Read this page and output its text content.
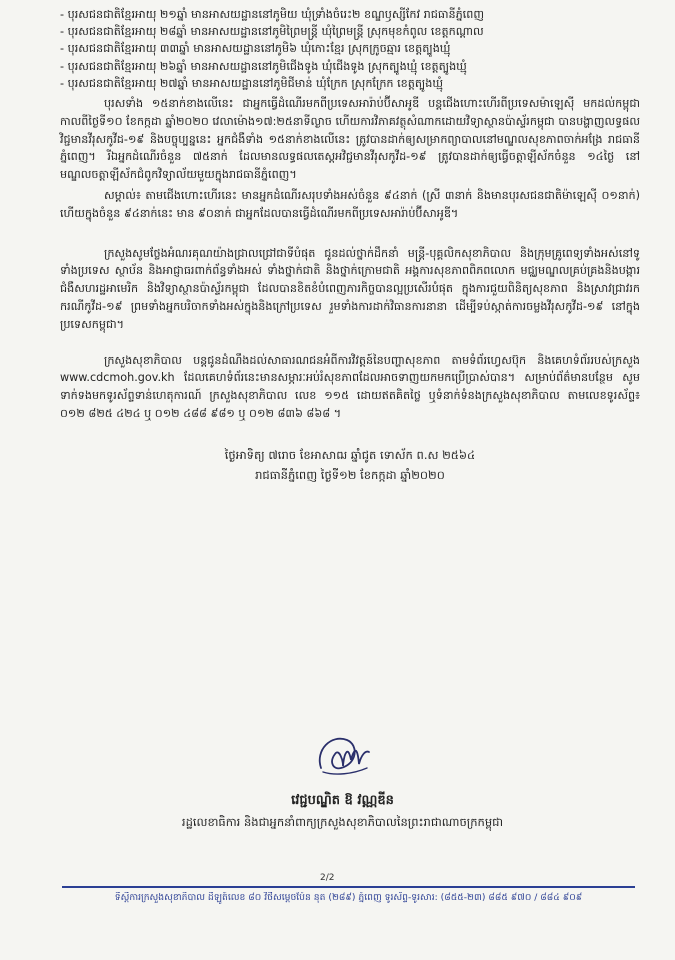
- បុរសជនជាតិខ្មែរអាយុ ២១ឆ្នាំ មានអាសយដ្ឋាននៅភូមិយ ឃុំទ្រាំងចំរេះ២ ខណ្ឌឫស្សីកែវ រាជធានីភ្នំពេញ
- បុរសជនជាតិខ្មែរអាយុ ២៨ឆ្នាំ មានអាសយដ្ឋាននៅភូមិព្រៃមន្ត្រី ឃុំព្រៃមន្ត្រី ស្រុកមុខកំពូល ខេត្តកណ្ដាល
- បុរសជនជាតិខ្មែរអាយុ ៣៣ឆ្នាំ មានអាសយដ្ឋាននៅភូមិ៦ ឃុំកោះខ្មែរ ស្រុកក្រូចឆ្មារ ខេត្តត្បូងឃ្មុំ
- បុរសជនជាតិខ្មែរអាយុ ២៦ឆ្នាំ មានអាសយដ្ឋាននៅភូមិជើងទូង ឃុំជើងទូង ស្រុកត្បូងឃ្មុំ ខេត្តត្បូងឃ្មុំ
- បុរសជនជាតិខ្មែរអាយុ ២៧ឆ្នាំ មានអាសយដ្ឋាននៅភូមិជីមាន់ ឃុំក្រែក ស្រុកក្រែក ខេត្តត្បូងឃ្មុំ

បុរសទាំង ១៥នាក់ខាងលើនេះ ជាអ្នកធ្វើដំណើរមកពីប្រទេសអារ៉ាប់ប៊ីសាអូឌី បន្តជើងហោះហើរពីប្រទេសម៉ាឡេស៊ី មកដល់កម្ពុជា កាលពីថ្ងៃទី១០ ខែកក្កដា ឆ្នាំ២០២០ វេលាម៉ោង១៧:២៥នាទីល្ងាច ហើយការវិភាគវត្ថុសំណាកដោយវិទ្យាស្ថានប៉ាស្ទ័រកម្ពុជា បានបង្ហាញលទ្ធផល វិជ្ជមានវីរុសកូវីដ-១៩ និងបច្ចុប្បន្ននេះ អ្នកជំងឺទាំង ១៥នាក់ខាងលើនេះ ត្រូវបានដាក់ឲ្យសម្រាកព្យាបាលនៅមណ្ឌលសុខភាពចាក់អង្រែ រាជធានីភ្នំពេញ។ រីឯអ្នកដំណើរចំនួន ៧៥នាក់ ដែលមានលទ្ធផលតេស្តអវិជ្ជមានវីរុសកូវីដ-១៩ ត្រូវបានដាក់ឲ្យធ្វើចត្តាឡីស័កចំនួន ១៤ថ្ងៃ នៅមណ្ឌលចត្តាឡីស័កជំពូកវិទ្យាល័យមួយក្នុងរាជធានីភ្នំពេញ។

សម្គាល់៖ តាមជើងហោះហើរនេះ មានអ្នកដំណើរសរុបទាំងអស់ចំនួន ៩៤នាក់ (ស្រី ៣នាក់ និងមានបុរសជនជាតិម៉ាឡេស៊ី ០១នាក់) ហើយក្នុងចំនួន ៩៤នាក់នេះ មាន ៩០នាក់ ជាអ្នកដែលបានធ្វើដំណើរមកពីប្រទេសអារ៉ាប់ប៊ីសាអូឌី។

ក្រសួងសូមថ្លែងអំណរគុណយ៉ាងជ្រាលជ្រៅជាទីបំផុត ជូនដល់ថ្នាក់ដឹកនាំ មន្ត្រី-បុគ្គលិកសុខាភិបាល និងក្រុមគ្រូពេទ្យទាំងអស់នៅទូទាំងប្រទេស ស្ថាប័ន និងអាជ្ញាធរពាក់ព័ន្ធទាំងអស់ ទាំងថ្នាក់ជាតិ និងថ្នាក់ក្រោមជាតិ អង្គការសុខភាពពិភពលោក មជ្ឈមណ្ឌលគ្រប់គ្រងនិងបង្ការជំងឺសហរដ្ឋអាមេរិក និងវិទ្យាស្ថានប៉ាស្ទ័រកម្ពុជា ដែលបានខិតខំបំពេញភារកិច្ចបានល្អប្រសើរបំផុត ក្នុងការជួយពិនិត្យសុខភាព និងស្រាវជ្រាវរកករណីកូវីដ-១៩ ព្រមទាំងអ្នកបរិចាកទាំងអស់ក្នុងនិងក្រៅប្រទេស រួមទាំងការដាក់វិធានការនានា ដើម្បីទប់ស្កាត់ការចម្លងវីរុសកូវីដ-១៩ នៅក្នុងប្រទេសកម្ពុជា។

ក្រសួងសុខាភិបាល បន្តជូនដំណឹងដល់សាធារណជនអំពីការវិវត្តន៍នៃបញ្ហាសុខភាព តាមទំព័រហ្វេសប៊ុក និងគេហទំព័ររបស់ក្រសួង www.cdcmoh.gov.kh ដែលគេហទំព័រនេះមានសម្ភារៈអប់រំសុខភាពដែលអាចទាញយកមកប្រើប្រាស់បាន។ សម្រាប់ព័ត៌មានបន្ថែម សូមទាក់ទងមកទូរស័ព្ទទាន់ហេតុការណ៍ ក្រសួងសុខាភិបាល លេខ ១១៥ ដោយឥតគិតថ្លៃ ឬទំនាក់ទំនងក្រសួងសុខាភិបាល តាមលេខទូរស័ព្ទ៖ ០១២ ៨២៥ ៤២៤ ឬ ០១២ ៤៨៨ ៩៨១ ឬ ០១២ ៨៣៦ ៨៦៨ ។

ថ្ងៃអាទិត្យ ៧រោច ខែអាសាឍ ឆ្នាំជូត ទោស័ក ព.ស ២៥៦៤

រាជធានីភ្នំពេញ ថ្ងៃទី១២ ខែកក្កដា ឆ្នាំ២០២០

វេជ្ជបណ្ឌិត ឱ វណ្ណឌីន
រដ្ឋលេខាធិការ និងជាអ្នកនាំពាក្យក្រសួងសុខាភិបាលនៃព្រះរាជាណាចក្រកម្ពុជា
2/2
ទីស្តីការក្រសួងសុខាភិបាល ដីឡូត៍លេខ ៨០ វិថីសម្តេចប៉ែន នុត (២៨៩) ភ្នំពេញ ទូរស័ព្ទ-ទូរសារ: (៨៥៥-២៣) ៨៨៥ ៩៧០ / ៨៨៤ ៩០៩
